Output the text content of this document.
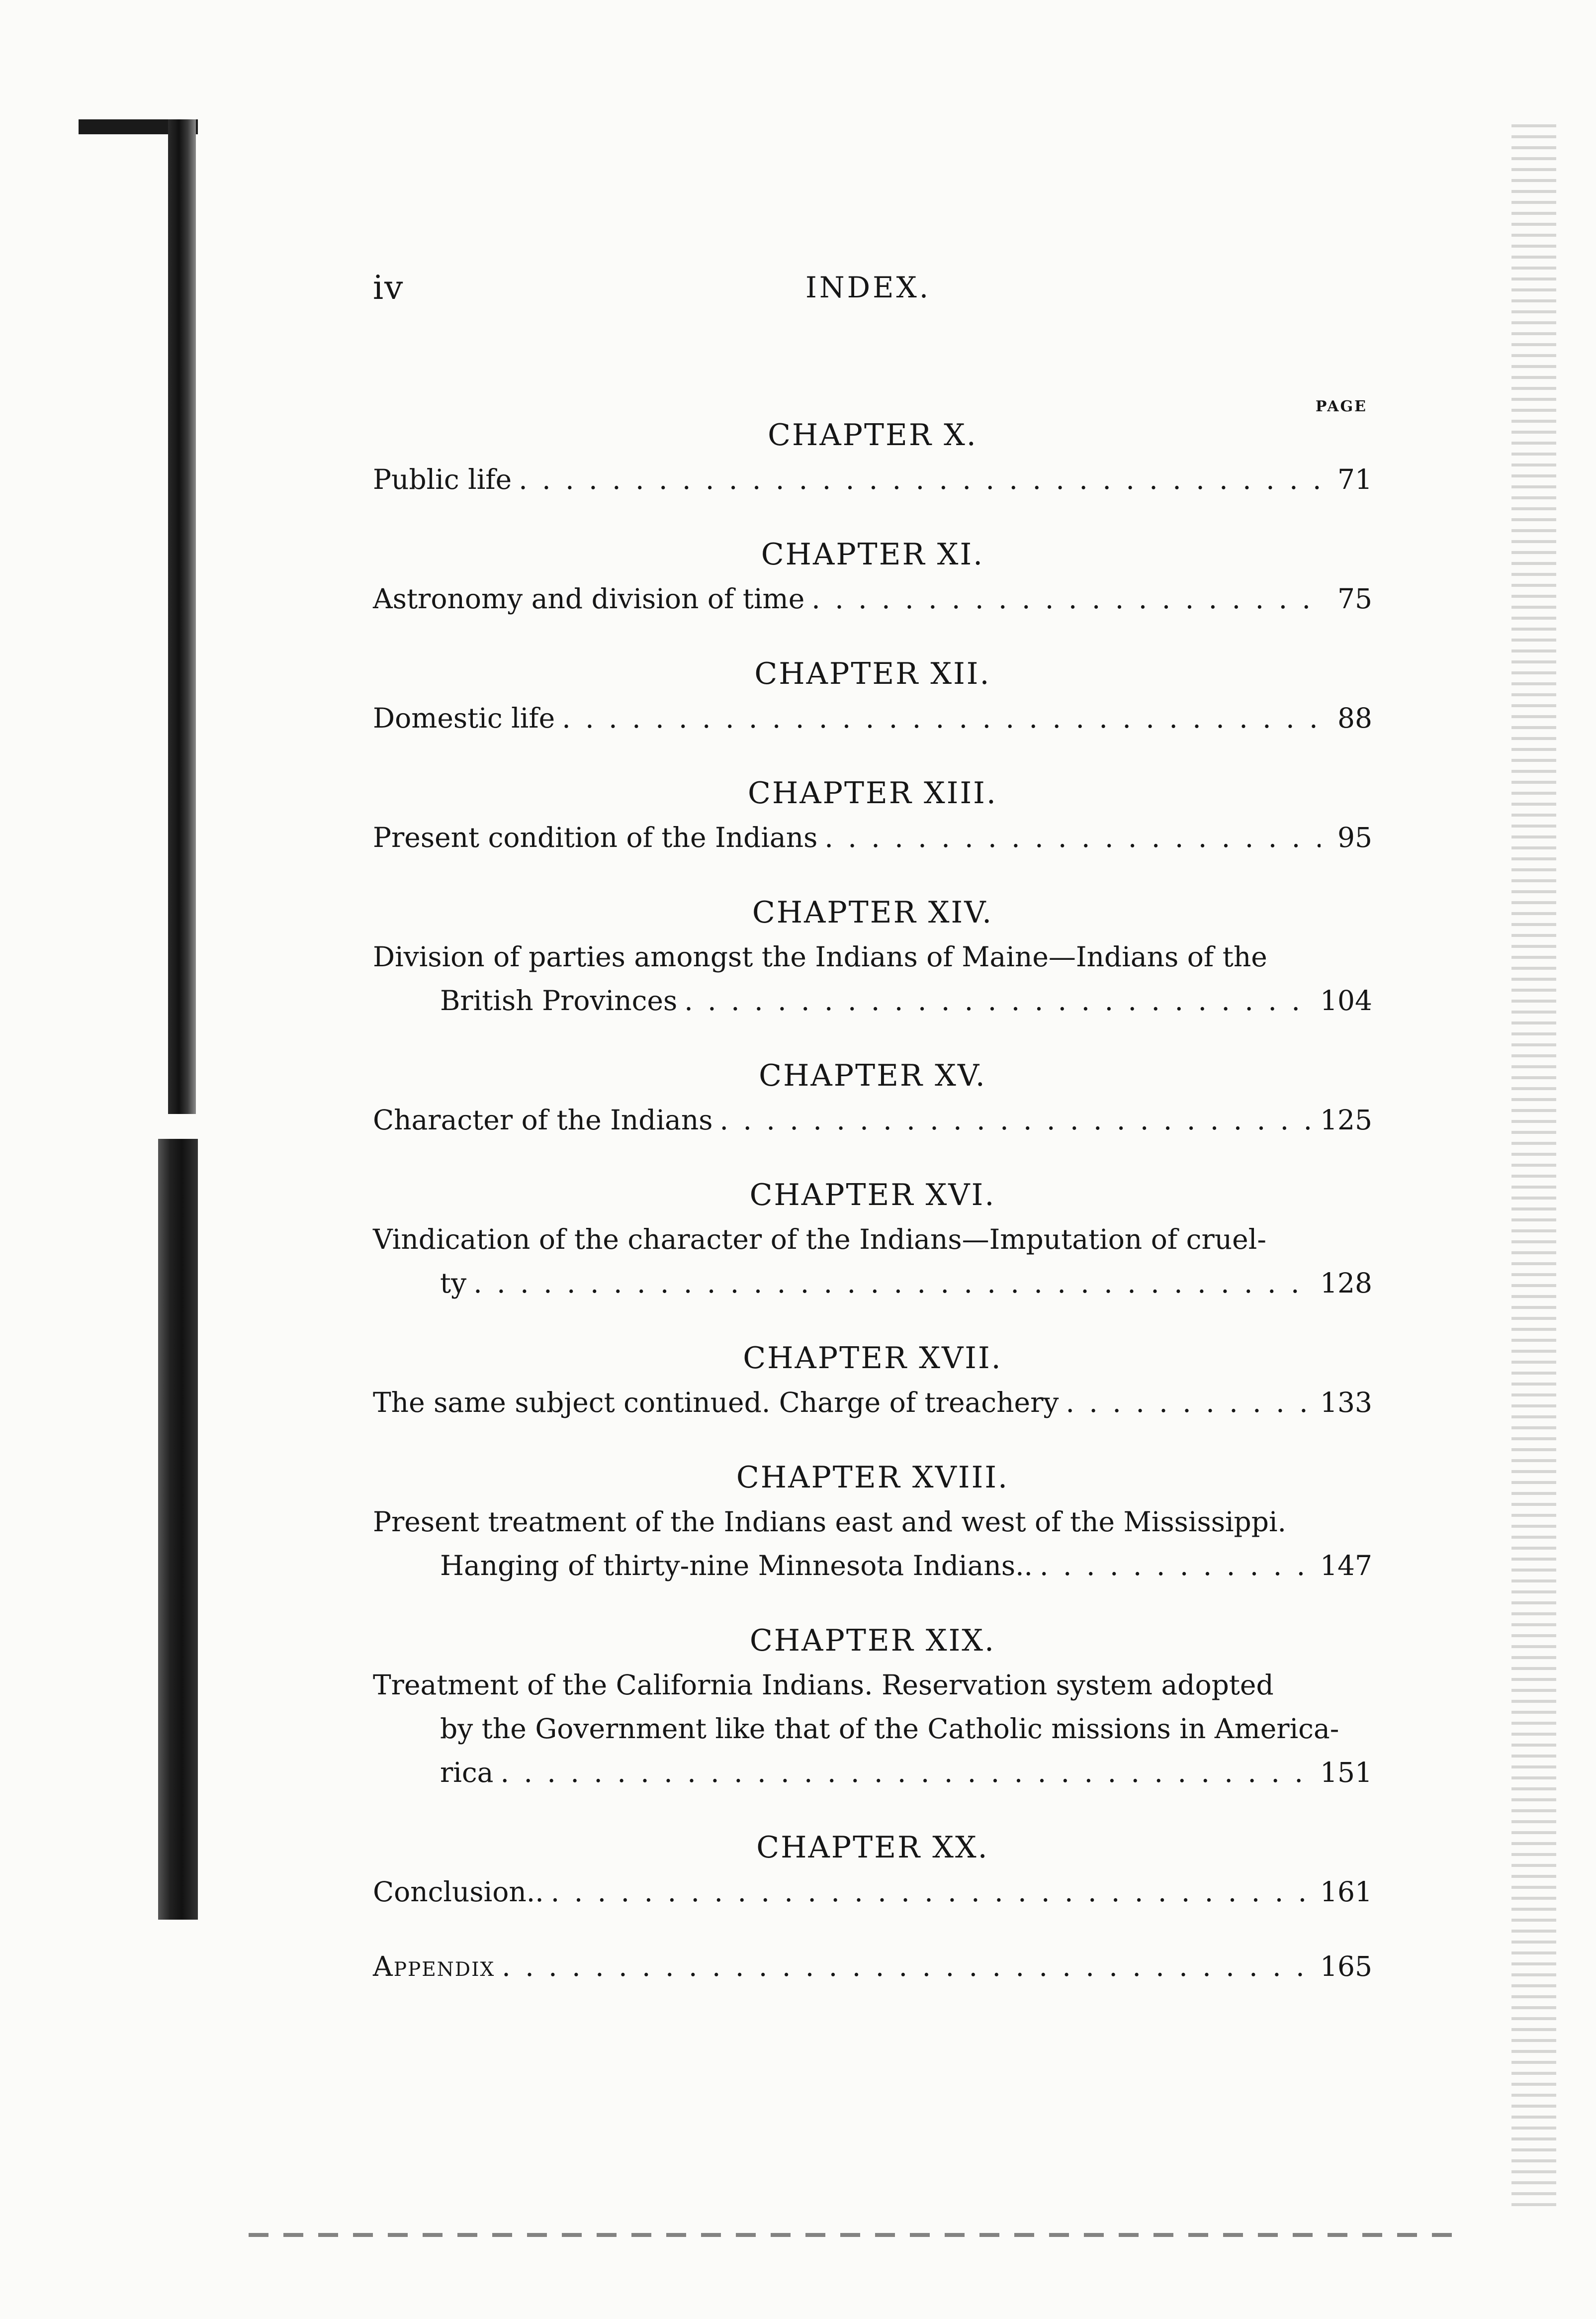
iv	INDEX.
PAGE
CHAPTER X.
Public life . . .	71
CHAPTER XI.
Astronomy and division of time . . .	75
CHAPTER XII.
Domestic life . . .	88
CHAPTER XIII.
Present condition of the Indians . . .	95
CHAPTER XIV.
Division of parties amongst the Indians of Maine—Indians of the
British Provinces . . .	104
CHAPTER XV.
Character of the Indians . . .	125
CHAPTER XVI.
Vindication of the character of the Indians—Imputation of cruel-
ty . . .	128
CHAPTER XVII.
The same subject continued. Charge of treachery . . .	133
CHAPTER XVIII.
Present treatment of the Indians east and west of the Mississippi.
Hanging of thirty-nine Minnesota Indians.. . . .	147
CHAPTER XIX.
Treatment of the California Indians. Reservation system adopted
by the Government like that of the Catholic missions in America-
rica . . .	151
CHAPTER XX.
Conclusion.. . . .	161
Appendix . . .	165
